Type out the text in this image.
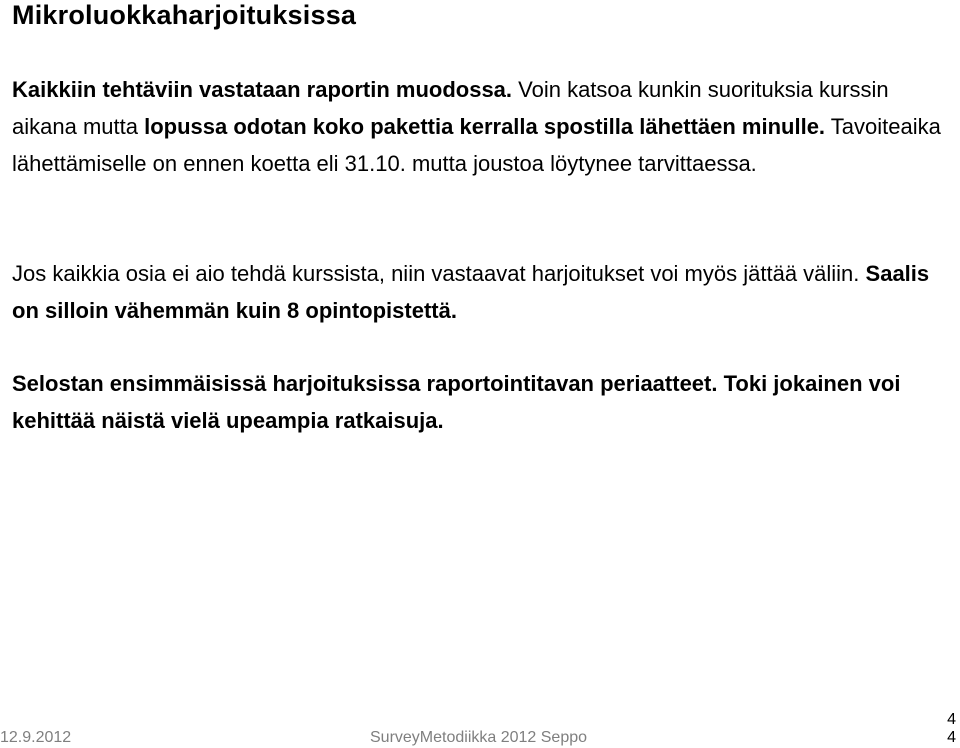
Mikroluokkaharjoituksissa

Kaikkiin tehtäviin vastataan raportin muodossa. Voin katsoa kunkin suorituksia kurssin aikana mutta lopussa odotan koko pakettia kerralla spostilla lähettäen minulle. Tavoiteaika lähettämiselle on ennen koetta eli 31.10. mutta joustoa löytynee tarvittaessa.

Jos kaikkia osia ei aio tehdä kurssista, niin vastaavat harjoitukset voi myös jättää väliin. Saalis on silloin vähemmän kuin 8 opintopistettä.

Selostan ensimmäisissä harjoituksissa raportointitavan periaatteet. Toki jokainen voi kehittää näistä vielä upeampia ratkaisuja.

12.9.2012	SurveyMetodiikka 2012 Seppo
4
4
